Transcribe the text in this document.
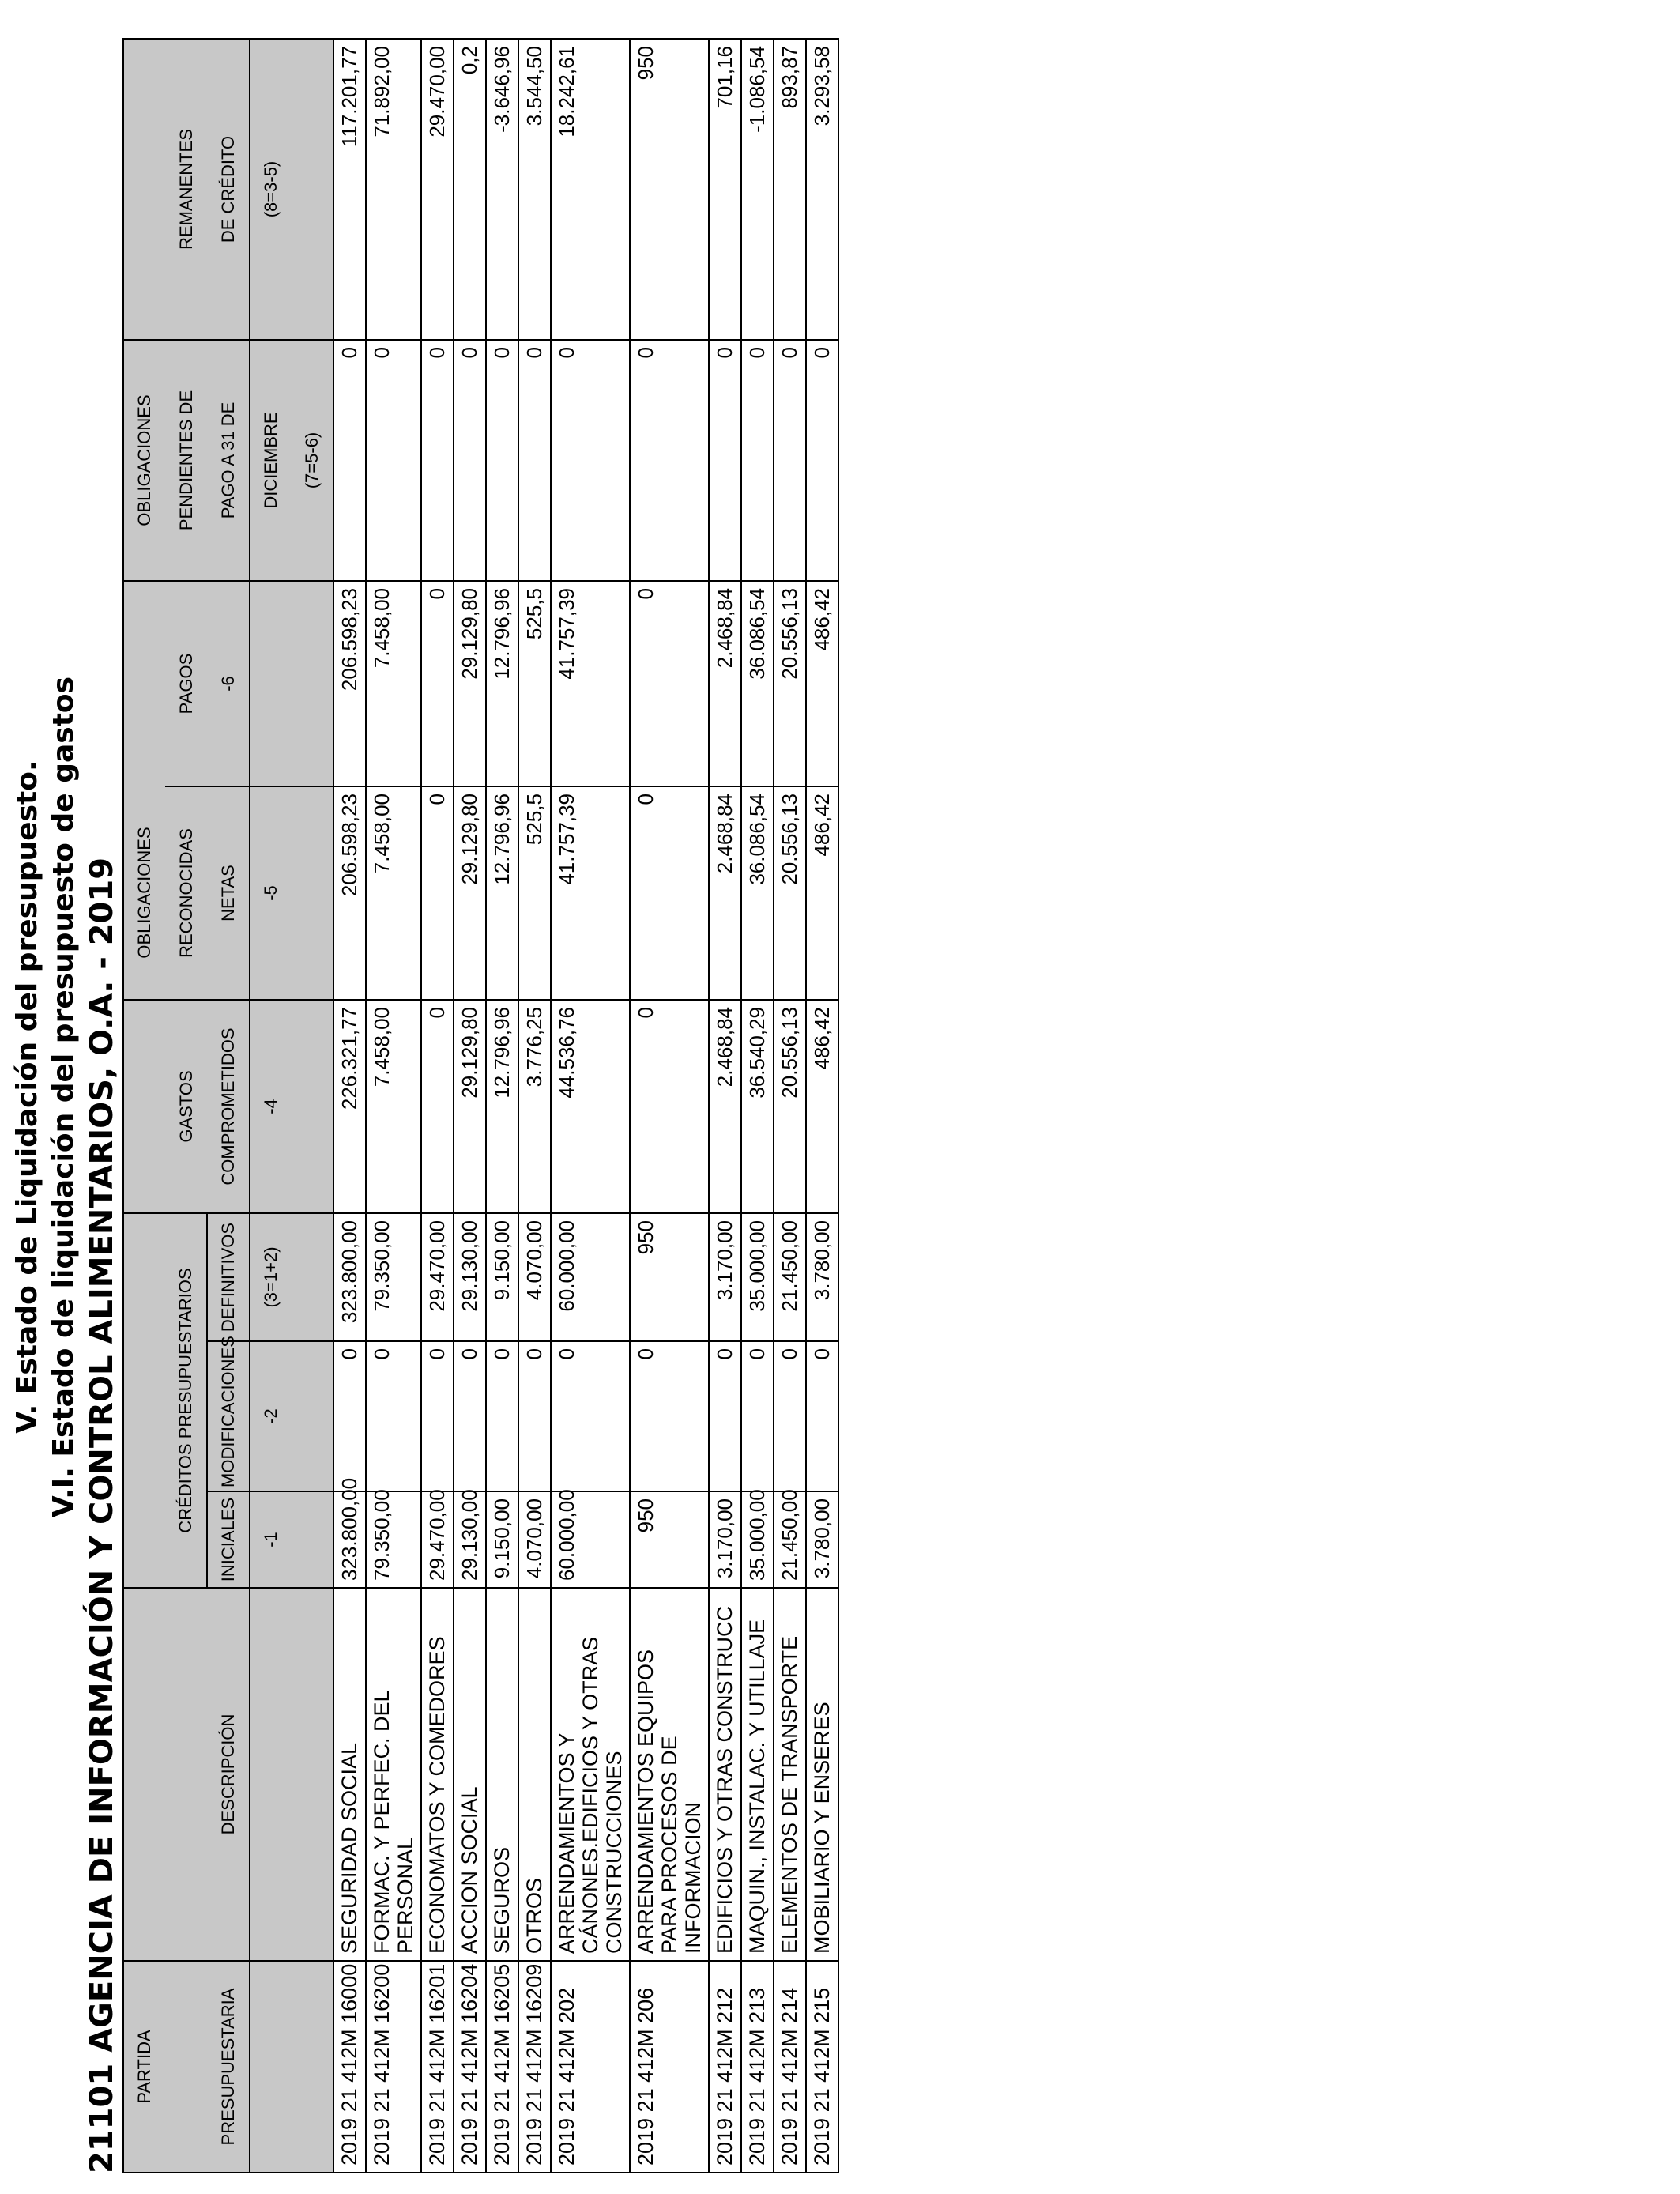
V. Estado de Liquidación del presupuesto. V.I. Estado de liquidación del presupuesto de gastos 21101 AGENCIA DE INFORMACIÓN Y CONTROL ALIMENTARIOS, O.A. - 2019 PARTIDA						OBLIGACIONES		OBLIGACIONES	
		CRÉDITOS PRESUPUESTARIOS			GASTOS	RECONOCIDAS	PAGOS	PENDIENTES DE	REMANENTES
PRESUPUESTARIA	DESCRIPCIÓN	INICIALES	MODIFICACIONES	DEFINITIVOS	COMPROMETIDOS	NETAS	-6	PAGO A 31 DE	DE CRÉDITO
		-1	-2	(3=1+2)	-4	-5		DICIEMBRE	(8=3-5)
								(7=5-6)	
2019 21 412M 16000	SEGURIDAD SOCIAL	323.800,00	0	323.800,00	226.321,77	206.598,23	206.598,23	0	117.201,77
2019 21 412M 16200	FORMAC. Y PERFEC. DEL PERSONAL	79.350,00	0	79.350,00	7.458,00	7.458,00	7.458,00	0	71.892,00
2019 21 412M 16201	ECONOMATOS Y COMEDORES	29.470,00	0	29.470,00	0	0	0	0	29.470,00
2019 21 412M 16204	ACCION SOCIAL	29.130,00	0	29.130,00	29.129,80	29.129,80	29.129,80	0	0,2
2019 21 412M 16205	SEGUROS	9.150,00	0	9.150,00	12.796,96	12.796,96	12.796,96	0	-3.646,96
2019 21 412M 16209	OTROS	4.070,00	0	4.070,00	3.776,25	525,5	525,5	0	3.544,50
2019 21 412M 202	ARRENDAMIENTOS Y CÁNONES.EDIFICIOS Y OTRAS CONSTRUCCIONES	60.000,00	0	60.000,00	44.536,76	41.757,39	41.757,39	0	18.242,61
2019 21 412M 206	ARRENDAMIENTOS EQUIPOS PARA PROCESOS DE INFORMACION	950	0	950	0	0	0	0	950
2019 21 412M 212	EDIFICIOS Y OTRAS CONSTRUCC	3.170,00	0	3.170,00	2.468,84	2.468,84	2.468,84	0	701,16
2019 21 412M 213	MAQUIN., INSTALAC. Y UTILLAJE	35.000,00	0	35.000,00	36.540,29	36.086,54	36.086,54	0	-1.086,54
2019 21 412M 214	ELEMENTOS DE TRANSPORTE	21.450,00	0	21.450,00	20.556,13	20.556,13	20.556,13	0	893,87
2019 21 412M 215	MOBILIARIO Y ENSERES	3.780,00	0	3.780,00	486,42	486,42	486,42	0	3.293,58
